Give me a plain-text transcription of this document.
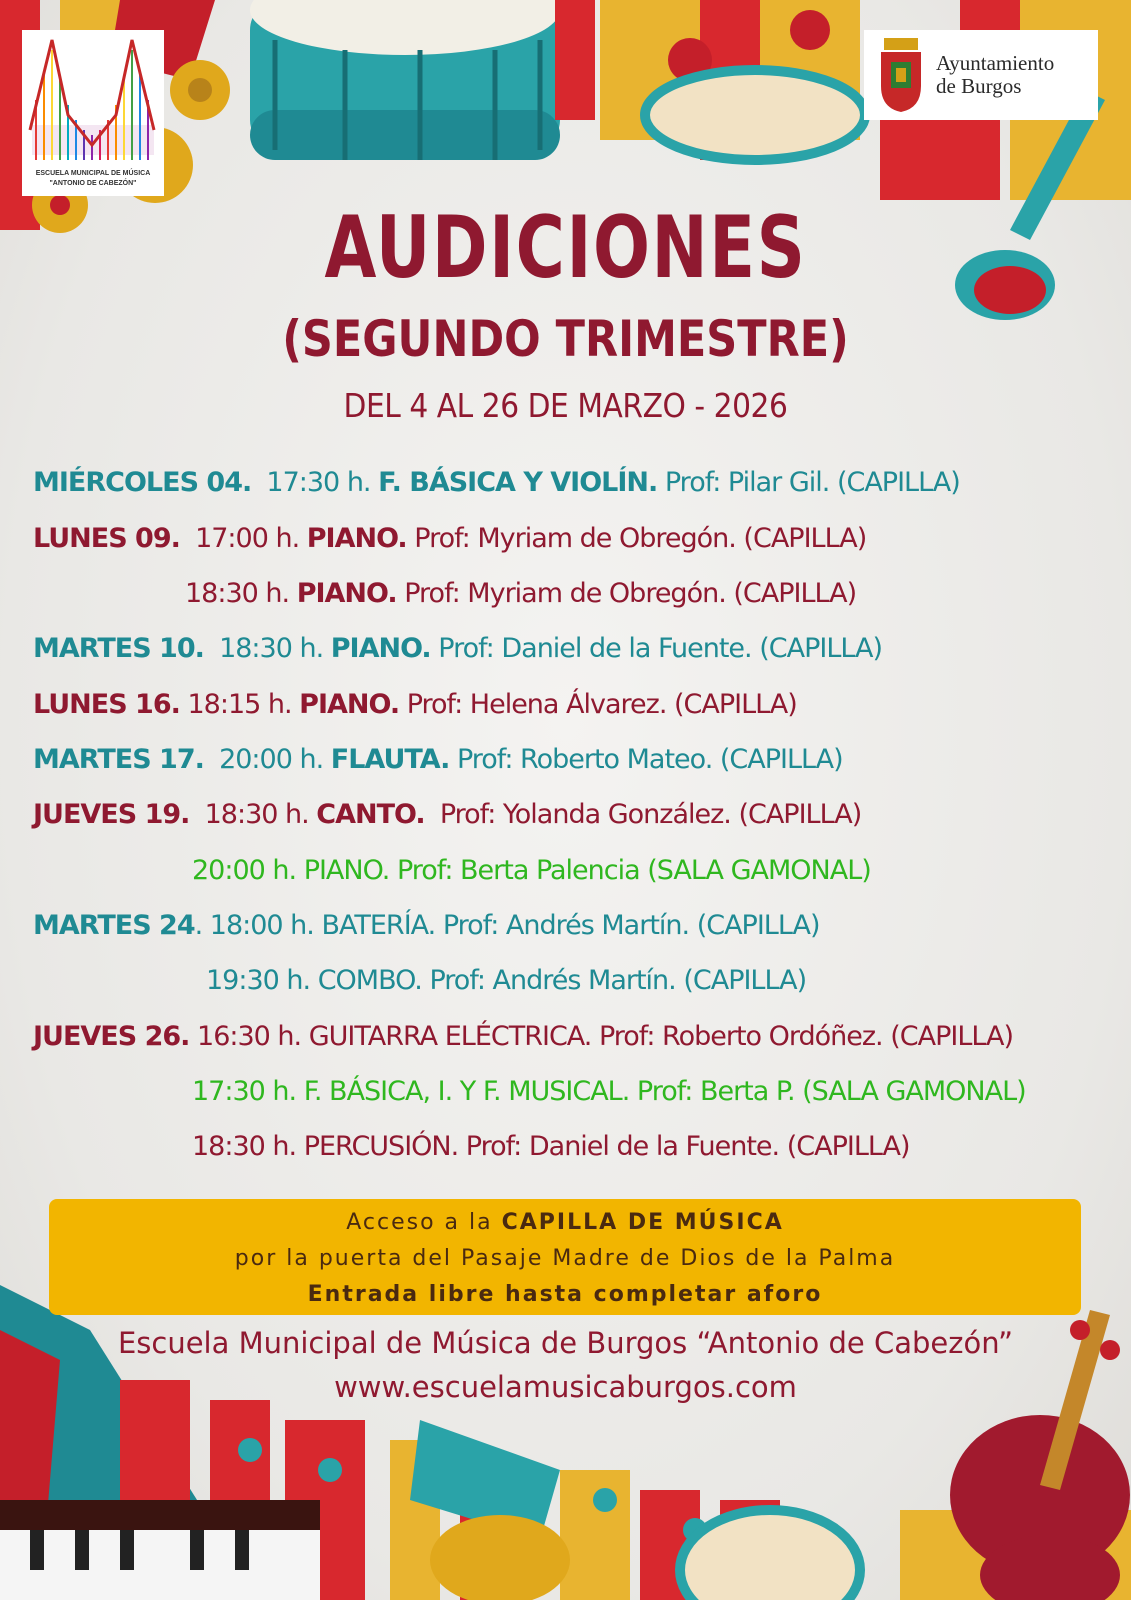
ESCUELA MUNICIPAL DE MÚSICA
"ANTONIO DE CABEZÓN"
Ayuntamiento
de Burgos
AUDICIONES
(SEGUNDO TRIMESTRE)
DEL 4 AL 26 DE MARZO - 2026
MIÉRCOLES 04. 17:30 h. F. BÁSICA Y VIOLÍN. Prof: Pilar Gil. (CAPILLA)
LUNES 09. 17:00 h. PIANO. Prof: Myriam de Obregón. (CAPILLA)
18:30 h. PIANO. Prof: Myriam de Obregón. (CAPILLA)
MARTES 10. 18:30 h. PIANO. Prof: Daniel de la Fuente. (CAPILLA)
LUNES 16. 18:15 h. PIANO. Prof: Helena Álvarez. (CAPILLA)
MARTES 17. 20:00 h. FLAUTA. Prof: Roberto Mateo. (CAPILLA)
JUEVES 19. 18:30 h. CANTO. Prof: Yolanda González. (CAPILLA)
20:00 h. PIANO. Prof: Berta Palencia (SALA GAMONAL)
MARTES 24. 18:00 h. BATERÍA. Prof: Andrés Martín. (CAPILLA)
19:30 h. COMBO. Prof: Andrés Martín. (CAPILLA)
JUEVES 26. 16:30 h. GUITARRA ELÉCTRICA. Prof: Roberto Ordóñez. (CAPILLA)
17:30 h. F. BÁSICA, I. Y F. MUSICAL. Prof: Berta P. (SALA GAMONAL)
18:30 h. PERCUSIÓN. Prof: Daniel de la Fuente. (CAPILLA)
Acceso a la CAPILLA DE MÚSICA
por la puerta del Pasaje Madre de Dios de la Palma
Entrada libre hasta completar aforo
Escuela Municipal de Música de Burgos “Antonio de Cabezón”
www.escuelamusicaburgos.com
